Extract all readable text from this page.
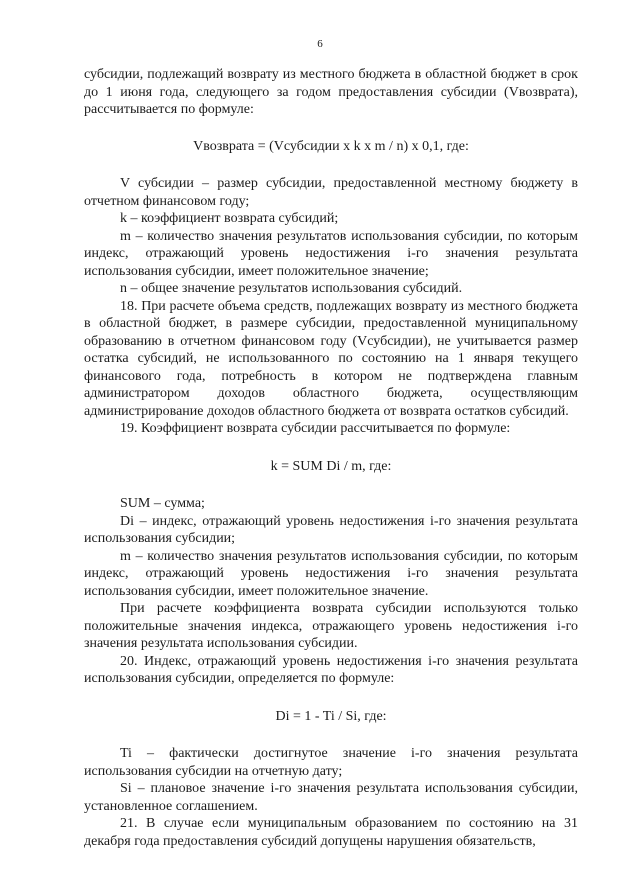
6

субсидии, подлежащий возврату из местного бюджета в областной бюджет в срок до 1 июня года, следующего за годом предоставления субсидии (Vвозврата), рассчитывается по формуле:

Vвозврата = (Vсубсидии х k х m / n) х 0,1, где:

V субсидии – размер субсидии, предоставленной местному бюджету в отчетном финансовом году;

k – коэффициент возврата субсидий;

m – количество значения результатов использования субсидии, по которым индекс, отражающий уровень недостижения i-го значения результата использования субсидии, имеет положительное значение;

n – общее значение результатов использования субсидий.

18. При расчете объема средств, подлежащих возврату из местного бюджета в областной бюджет, в размере субсидии, предоставленной муниципальному образованию в отчетном финансовом году (Vсубсидии), не учитывается размер остатка субсидий, не использованного по состоянию на 1 января текущего финансового года, потребность в котором не подтверждена главным администратором доходов областного бюджета, осуществляющим администрирование доходов областного бюджета от возврата остатков субсидий.

19. Коэффициент возврата субсидии рассчитывается по формуле:

k = SUM Di / m, где:

SUM – сумма;

Di – индекс, отражающий уровень недостижения i-го значения результата использования субсидии;

m – количество значения результатов использования субсидии, по которым индекс, отражающий уровень недостижения i-го значения результата использования субсидии, имеет положительное значение.

При расчете коэффициента возврата субсидии используются только положительные значения индекса, отражающего уровень недостижения i-го значения результата использования субсидии.

20. Индекс, отражающий уровень недостижения i-го значения результата использования субсидии, определяется по формуле:

Di = 1 - Ti / Si, где:

Ti – фактически достигнутое значение i-го значения результата использования субсидии на отчетную дату;

Si – плановое значение i-го значения результата использования субсидии, установленное соглашением.

21. В случае если муниципальным образованием по состоянию на 31 декабря года предоставления субсидий допущены нарушения обязательств,
